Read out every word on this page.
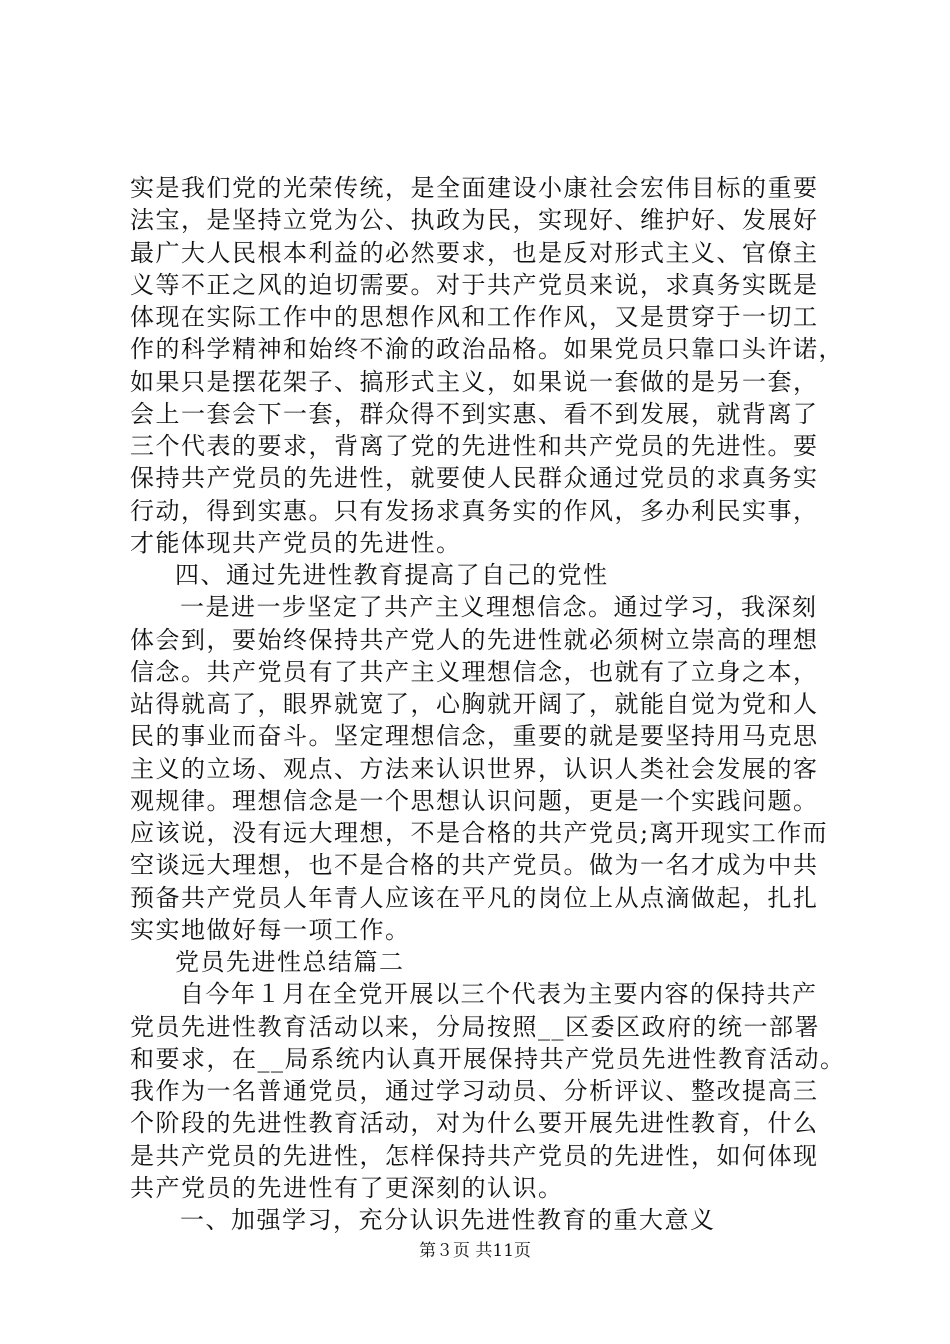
实是我们党的光荣传统，是全面建设小康社会宏伟目标的重要
法宝，是坚持立党为公、执政为民，实现好、维护好、发展好
最广大人民根本利益的必然要求，也是反对形式主义、官僚主
义等不正之风的迫切需要。对于共产党员来说，求真务实既是
体现在实际工作中的思想作风和工作作风，又是贯穿于一切工
作的科学精神和始终不渝的政治品格。如果党员只靠口头许诺，
如果只是摆花架子、搞形式主义，如果说一套做的是另一套，
会上一套会下一套，群众得不到实惠、看不到发展，就背离了
三个代表的要求，背离了党的先进性和共产党员的先进性。要
保持共产党员的先进性，就要使人民群众通过党员的求真务实
行动，得到实惠。只有发扬求真务实的作风，多办利民实事，
才能体现共产党员的先进性。
四、通过先进性教育提高了自己的党性
一是进一步坚定了共产主义理想信念。通过学习，我深刻
体会到，要始终保持共产党人的先进性就必须树立崇高的理想
信念。共产党员有了共产主义理想信念，也就有了立身之本，
站得就高了，眼界就宽了，心胸就开阔了，就能自觉为党和人
民的事业而奋斗。坚定理想信念，重要的就是要坚持用马克思
主义的立场、观点、方法来认识世界，认识人类社会发展的客
观规律。理想信念是一个思想认识问题，更是一个实践问题。
应该说，没有远大理想，不是合格的共产党员;离开现实工作而
空谈远大理想，也不是合格的共产党员。做为一名才成为中共
预备共产党员人年青人应该在平凡的岗位上从点滴做起，扎扎
实实地做好每一项工作。
党员先进性总结篇二
自今年１月在全党开展以三个代表为主要内容的保持共产
党员先进性教育活动以来，分局按照__区委区政府的统一部署
和要求，在__局系统内认真开展保持共产党员先进性教育活动。
我作为一名普通党员，通过学习动员、分析评议、整改提高三
个阶段的先进性教育活动，对为什么要开展先进性教育，什么
是共产党员的先进性，怎样保持共产党员的先进性，如何体现
共产党员的先进性有了更深刻的认识。
一、加强学习，充分认识先进性教育的重大意义
第３页 共11页
